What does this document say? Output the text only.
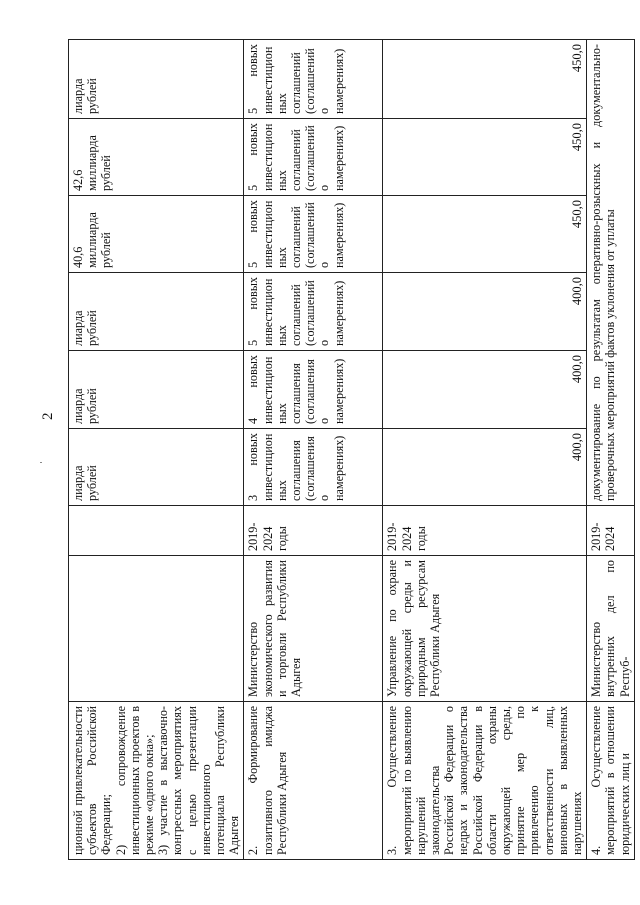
2
ционной привлекательности субъектов Российской Федерации;
2) сопровождение инвестиционных проектов в режиме «одного окна»;
3) участие в выставочно-конгрессных мероприятиях с целью презентации инвестиционного потенциала Республики Адыгея			лиарда рублей	лиарда рублей	лиарда рублей	40,6 миллиарда рублей	42,6 миллиарда рублей	лиарда рублей
2. Формирование позитивного имиджа Республики Адыгея	Министерство экономического развития и торговли Республики Адыгея	2019-2024 годы	3 новых инвестиционных соглашения (соглашения о намерениях)	4 новых инвестиционных соглашения (соглашения о намерениях)	5 новых инвестиционных соглашений (соглашений о намерениях)	5 новых инвестиционных соглашений (соглашений о намерениях)	5 новых инвестиционных соглашений (соглашений о намерениях)	5 новых инвестиционных соглашений (соглашений о намерениях)
3. Осуществление мероприятий по выявлению нарушений законодательства Российской Федерации о недрах и законодательства Российской Федерации в области охраны окружающей среды, принятие мер по привлечению к ответственности лиц, виновных в выявленных нарушениях	Управление по охране окружающей среды и природным ресурсам Республики Адыгея	2019-2024 годы	400,0	400,0	400,0	450,0	450,0	450,0
4. Осуществление мероприятий в отношении юридических лиц и	Министерство внутренних дел по Респуб-	2019-2024	документирование по результатам оперативно-розыскных и документально-проверочных мероприятий фактов уклонения от уплаты					
